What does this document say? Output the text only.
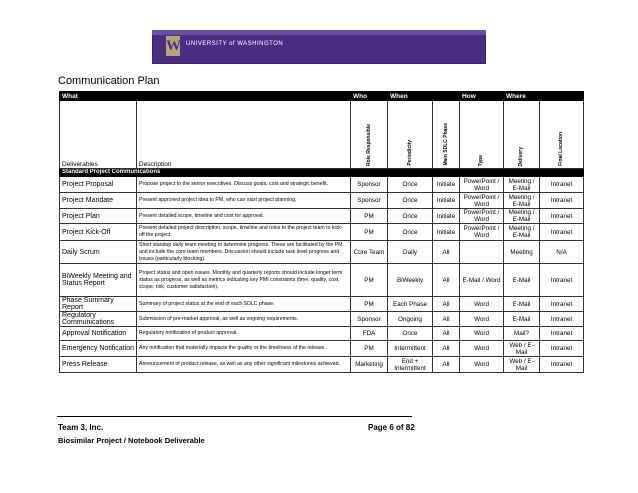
W UNIVERSITY of WASHINGTON
Communication Plan
What		Who	When		How	Where	
Deliverables	Description	Role Responsible	Periodicity	Main SDLC Phase	Type	Delivery	Final Location
Standard Project Communications							
Project Proposal	Propose project to the senior executives. Discuss goals, cost and strategic benefit.	Sponsor	Once	Initiate	PowerPoint / Word	Meeting / E-Mail	Intranet
Project Mandate	Present approved project idea to PM, who can start project planning.	Sponsor	Once	Initiate	PowerPoint / Word	Meeting / E-Mail	Intranet
Project Plan	Present detailed scope, timeline and cost for approval.	PM	Once	Initiate	PowerPoint / Word	Meeting / E-Mail	Intranet
Project Kick-Off	Present detailed project description, scope, timeline and roles to the project team to kick-off the project.	PM	Once	Initiate	PowerPoint / Word	Meeting / E-Mail	Intranet
Daily Scrum	Short standup daily team meeting to determine progress. These are facilitated by the PM and include the core team members. Discussion should include task level progress and issues (particularly blocking).	Core Team	Daily	All		Meeting	N/A
BiWeekly Meeting and Status Report	Project status and open issues. Monthly and quarterly reports should include longer term status as progress, as well as metrics indicating key PMI constraints (time, quality, cost, scope, risk, customer satisfaction).	PM	BiWeekly	All	E-Mail / Word	E-Mail	Intranet
Phase Summary Report	Summary of project status at the end of each SDLC phase.	PM	Each Phase	All	Word	E-Mail	Intranet
Regulatory Communications	Submission of pre-market approval, as well as ongoing requirements.	Sponsor	Ongoing	All	Word	E-Mail	Intranet
Approval Notification	Regulatory notification of product approval.	FDA	Once	All	Word	Mail?	Intranet
Emergency Notification	Any notification that materially impacts the quality or the timeliness of the release.	PM	Intermittent	All	Word	Web / E-Mail	Intranet
Press Release	Announcement of product release, as well as any other significant milestones achieved.	Marketing	End + Intermittent	All	Word	Web / E-Mail	Intranet
Team 3, Inc.	Page 6 of 82
Biosimilar Project / Notebook Deliverable
